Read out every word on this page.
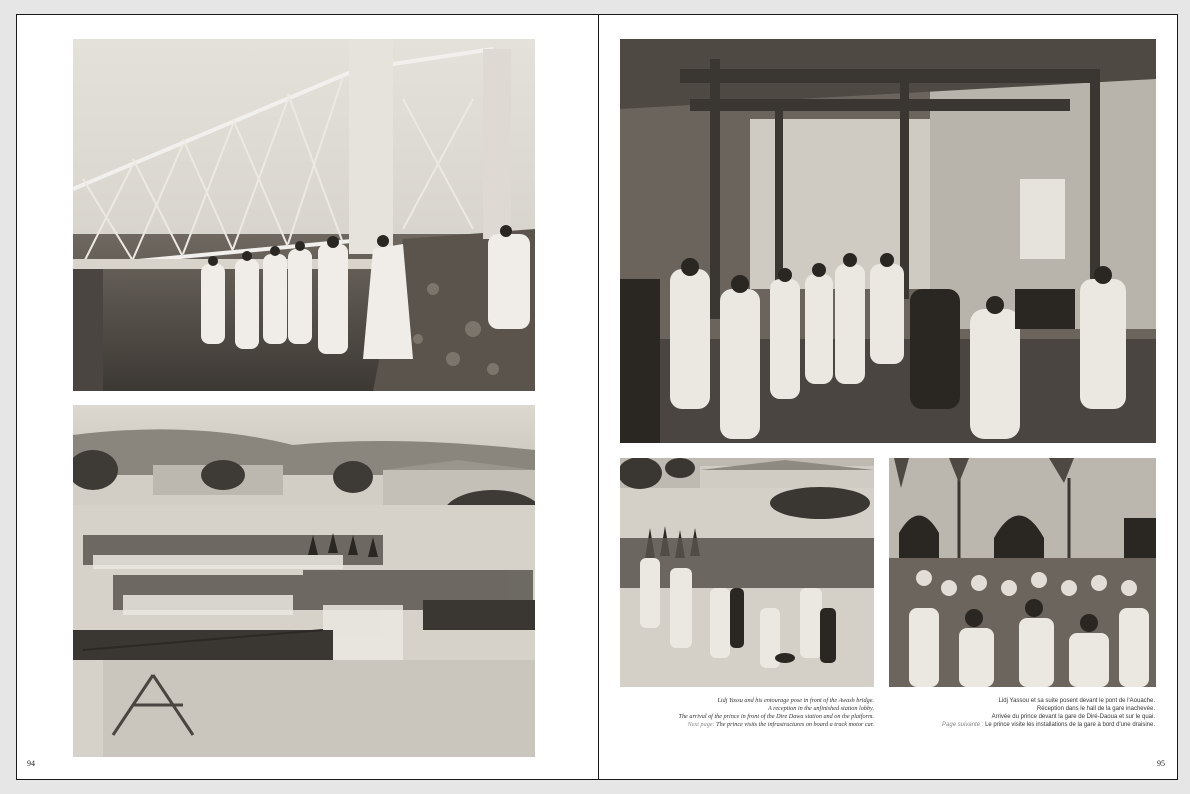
Lidj Yassu and his entourage pose in front of the Awash bridge.
A reception in the unfinished station lobby.
The arrival of the prince in front of the Dire Dawa station and on the platform.
Next page: The prince visits the infrastructures on board a track motor car.
Lidj Yassou et sa suite posent devant le pont de l'Aouache.
Réception dans le hall de la gare inachevée.
Arrivée du prince devant la gare de Diré-Daoua et sur le quai.
Page suivante : Le prince visite les installations de la gare à bord d'une draisine.
94	95
